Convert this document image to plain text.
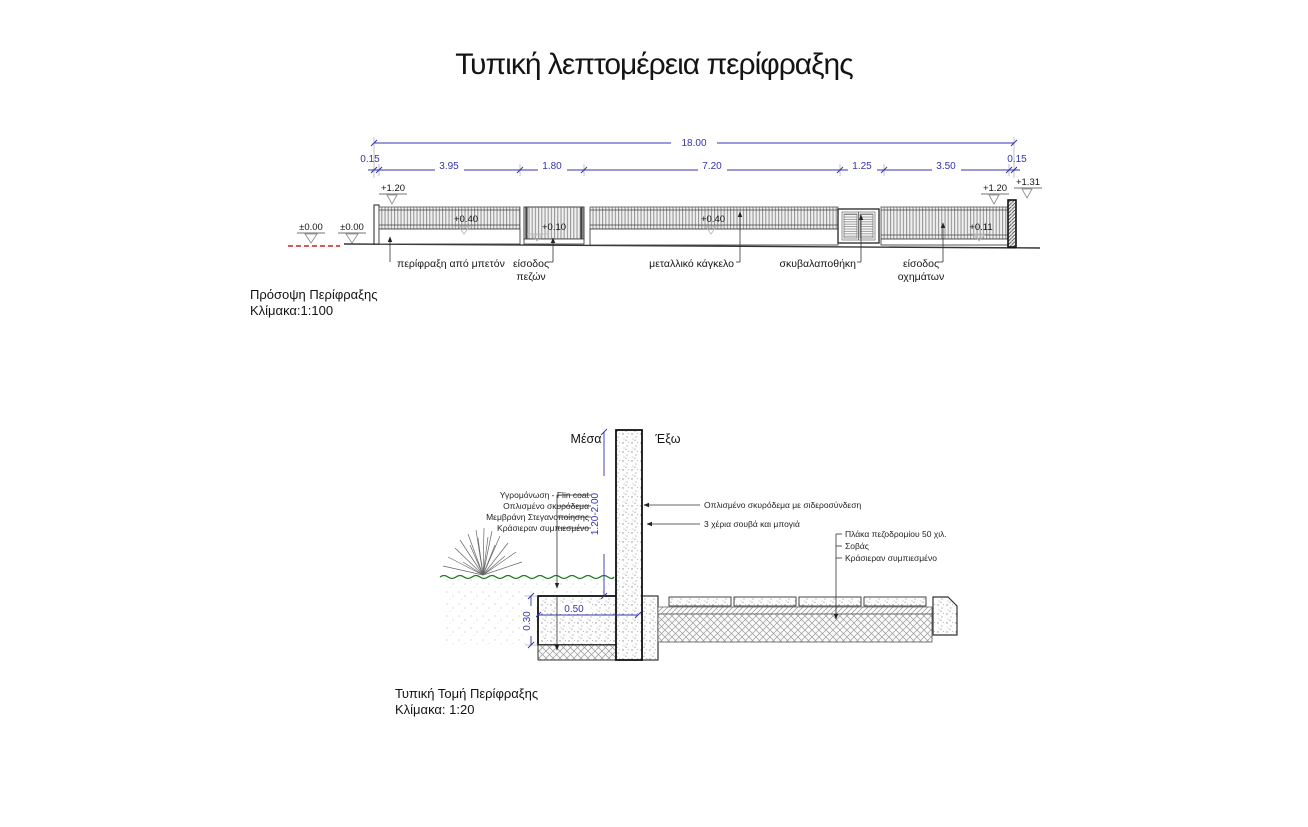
Τυπική λεπτομέρεια περίφραξης
18.00
0.15
3.95	1.80	7.20	1.25	3.50
0.15
+1.20
±0.00 ±0.00
+1.20
+1.31
+0.40
+0.10
+0.40
+0.11
περίφραξη από μπετόν είσοδος
πεζών
μεταλλικό κάγκελο	σκυβαλαποθήκη	είσοδος
οχημάτων
Πρόσοψη Περίφραξης
Κλίμακα:1:100
1.20-2.00
0.50
0.30
Μέσα	Έξω
Υγρομόνωση - Flin coat
Οπλισμένο σκυρόδεμα
Μεμβράνη Στεγανοποίησης
Κράσιεραν συμπιεσμένο
Οπλισμένο σκυρόδεμα με σιδεροσύνδεση
3 χέρια σουβά και μπογιά
Πλάκα πεζοδρομίου 50 χιλ.
Σοβάς
Κράσιεραν συμπιεσμένο
Τυπική Τομή Περίφραξης
Κλίμακα: 1:20
